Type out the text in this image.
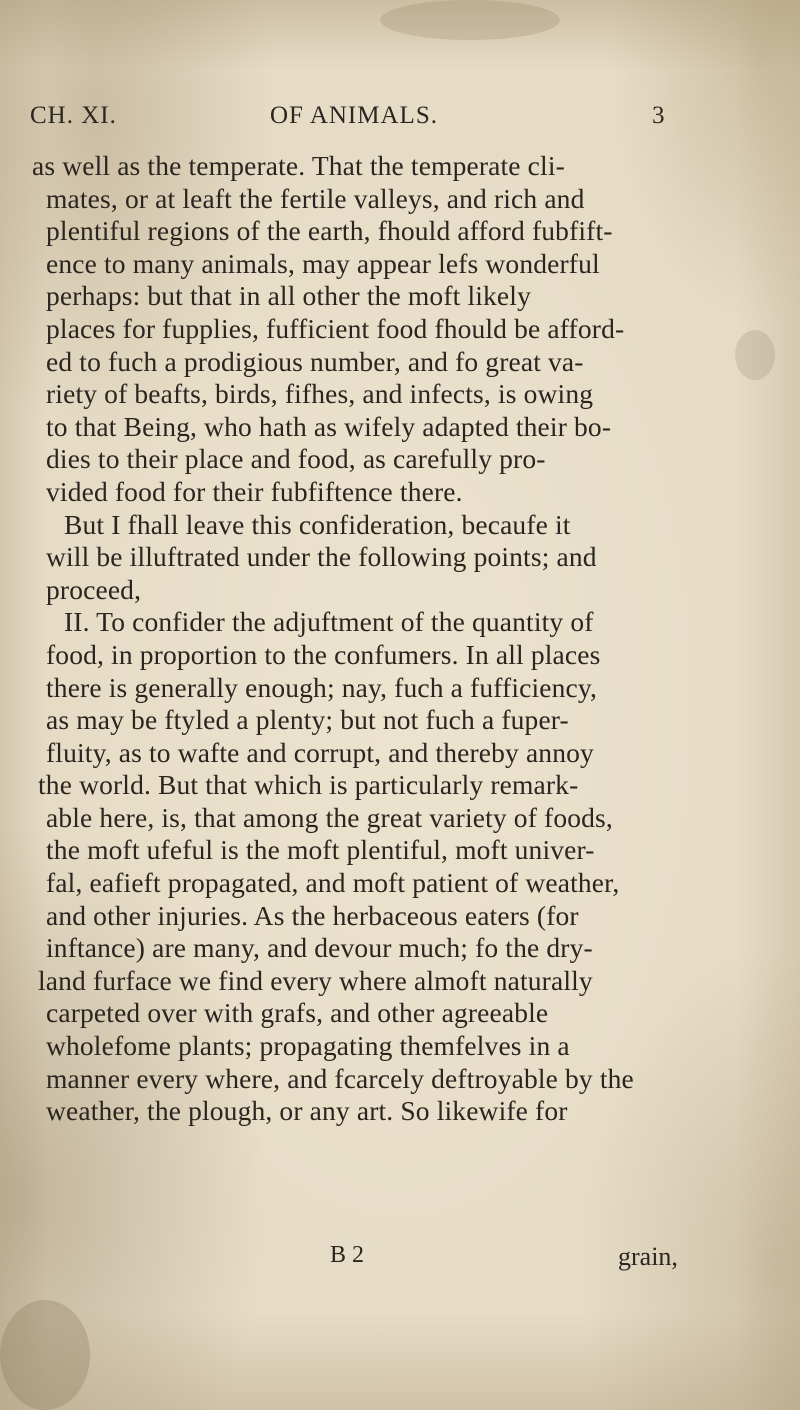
CH. XI.	OF ANIMALS.	3
as well as the temperate. That the temperate cli-
mates, or at leaft the fertile valleys, and rich and
plentiful regions of the earth, fhould afford fubfift-
ence to many animals, may appear lefs wonderful
perhaps: but that in all other the moft likely
places for fupplies, fufficient food fhould be afford-
ed to fuch a prodigious number, and fo great va-
riety of beafts, birds, fifhes, and infects, is owing
to that Being, who hath as wifely adapted their bo-
dies to their place and food, as carefully pro-
vided food for their fubfiftence there.
But I fhall leave this confideration, becaufe it
will be illuftrated under the following points; and
proceed,
II. To confider the adjuftment of the quantity of
food, in proportion to the confumers. In all places
there is generally enough; nay, fuch a fufficiency,
as may be ftyled a plenty; but not fuch a fuper-
fluity, as to wafte and corrupt, and thereby annoy
the world. But that which is particularly remark-
able here, is, that among the great variety of foods,
the moft ufeful is the moft plentiful, moft univer-
fal, eafieft propagated, and moft patient of weather,
and other injuries. As the herbaceous eaters (for
inftance) are many, and devour much; fo the dry-
land furface we find every where almoft naturally
carpeted over with grafs, and other agreeable
wholefome plants; propagating themfelves in a
manner every where, and fcarcely deftroyable by the
weather, the plough, or any art. So likewife for
B 2	grain,
